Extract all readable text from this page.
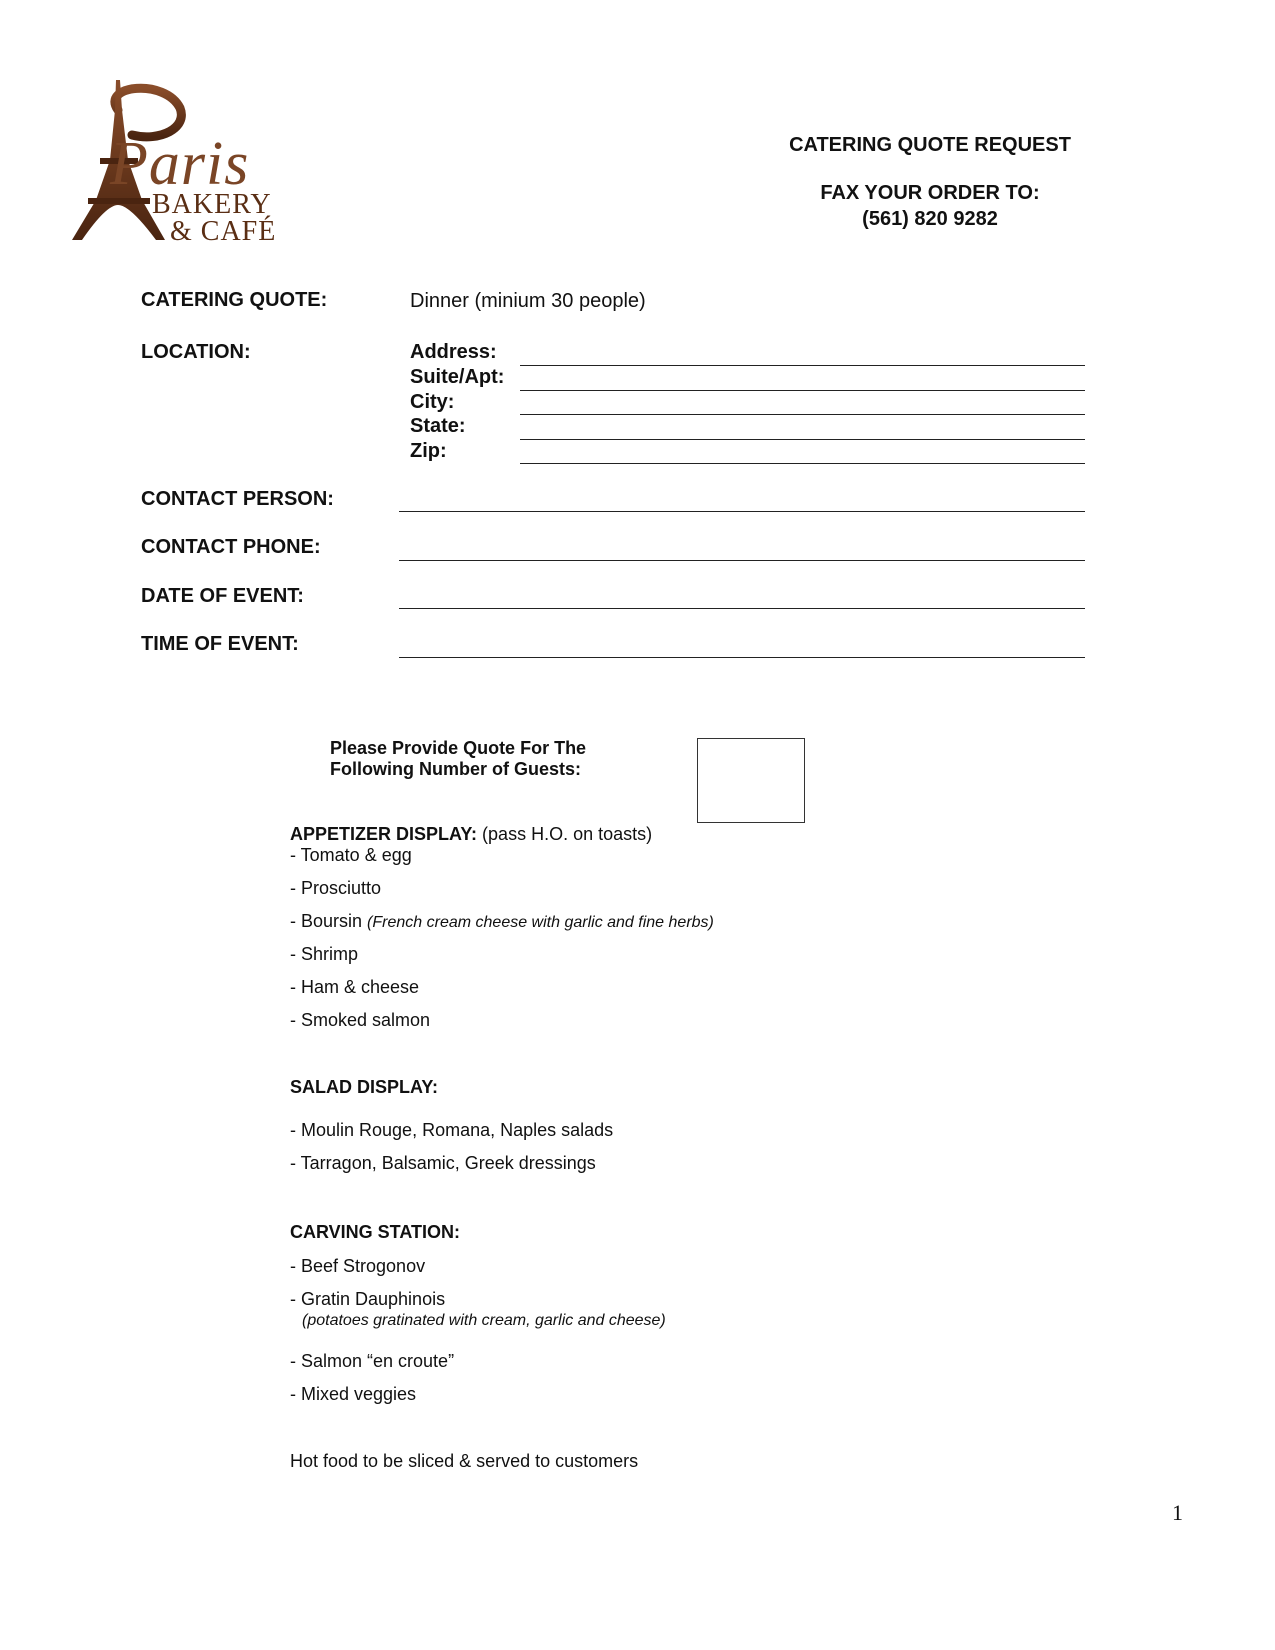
Paris
BAKERY
& CAFÉ
CATERING QUOTE REQUEST
FAX YOUR ORDER TO:
(561) 820 9282
CATERING QUOTE:	Dinner (minium 30 people)
LOCATION:	Address:
Suite/Apt:
City:
State:
Zip:
CONTACT PERSON:
CONTACT PHONE:
DATE OF EVENT:
TIME OF EVENT:
Please Provide Quote For The
Following Number of Guests:
APPETIZER DISPLAY: (pass H.O. on toasts)
- Tomato & egg
- Prosciutto
- Boursin (French cream cheese with garlic and fine herbs)
- Shrimp
- Ham & cheese
- Smoked salmon
SALAD DISPLAY:
- Moulin Rouge, Romana, Naples salads
- Tarragon, Balsamic, Greek dressings
CARVING STATION:
- Beef Strogonov
- Gratin Dauphinois
(potatoes gratinated with cream, garlic and cheese)
- Salmon “en croute”
- Mixed veggies
Hot food to be sliced & served to customers
1
